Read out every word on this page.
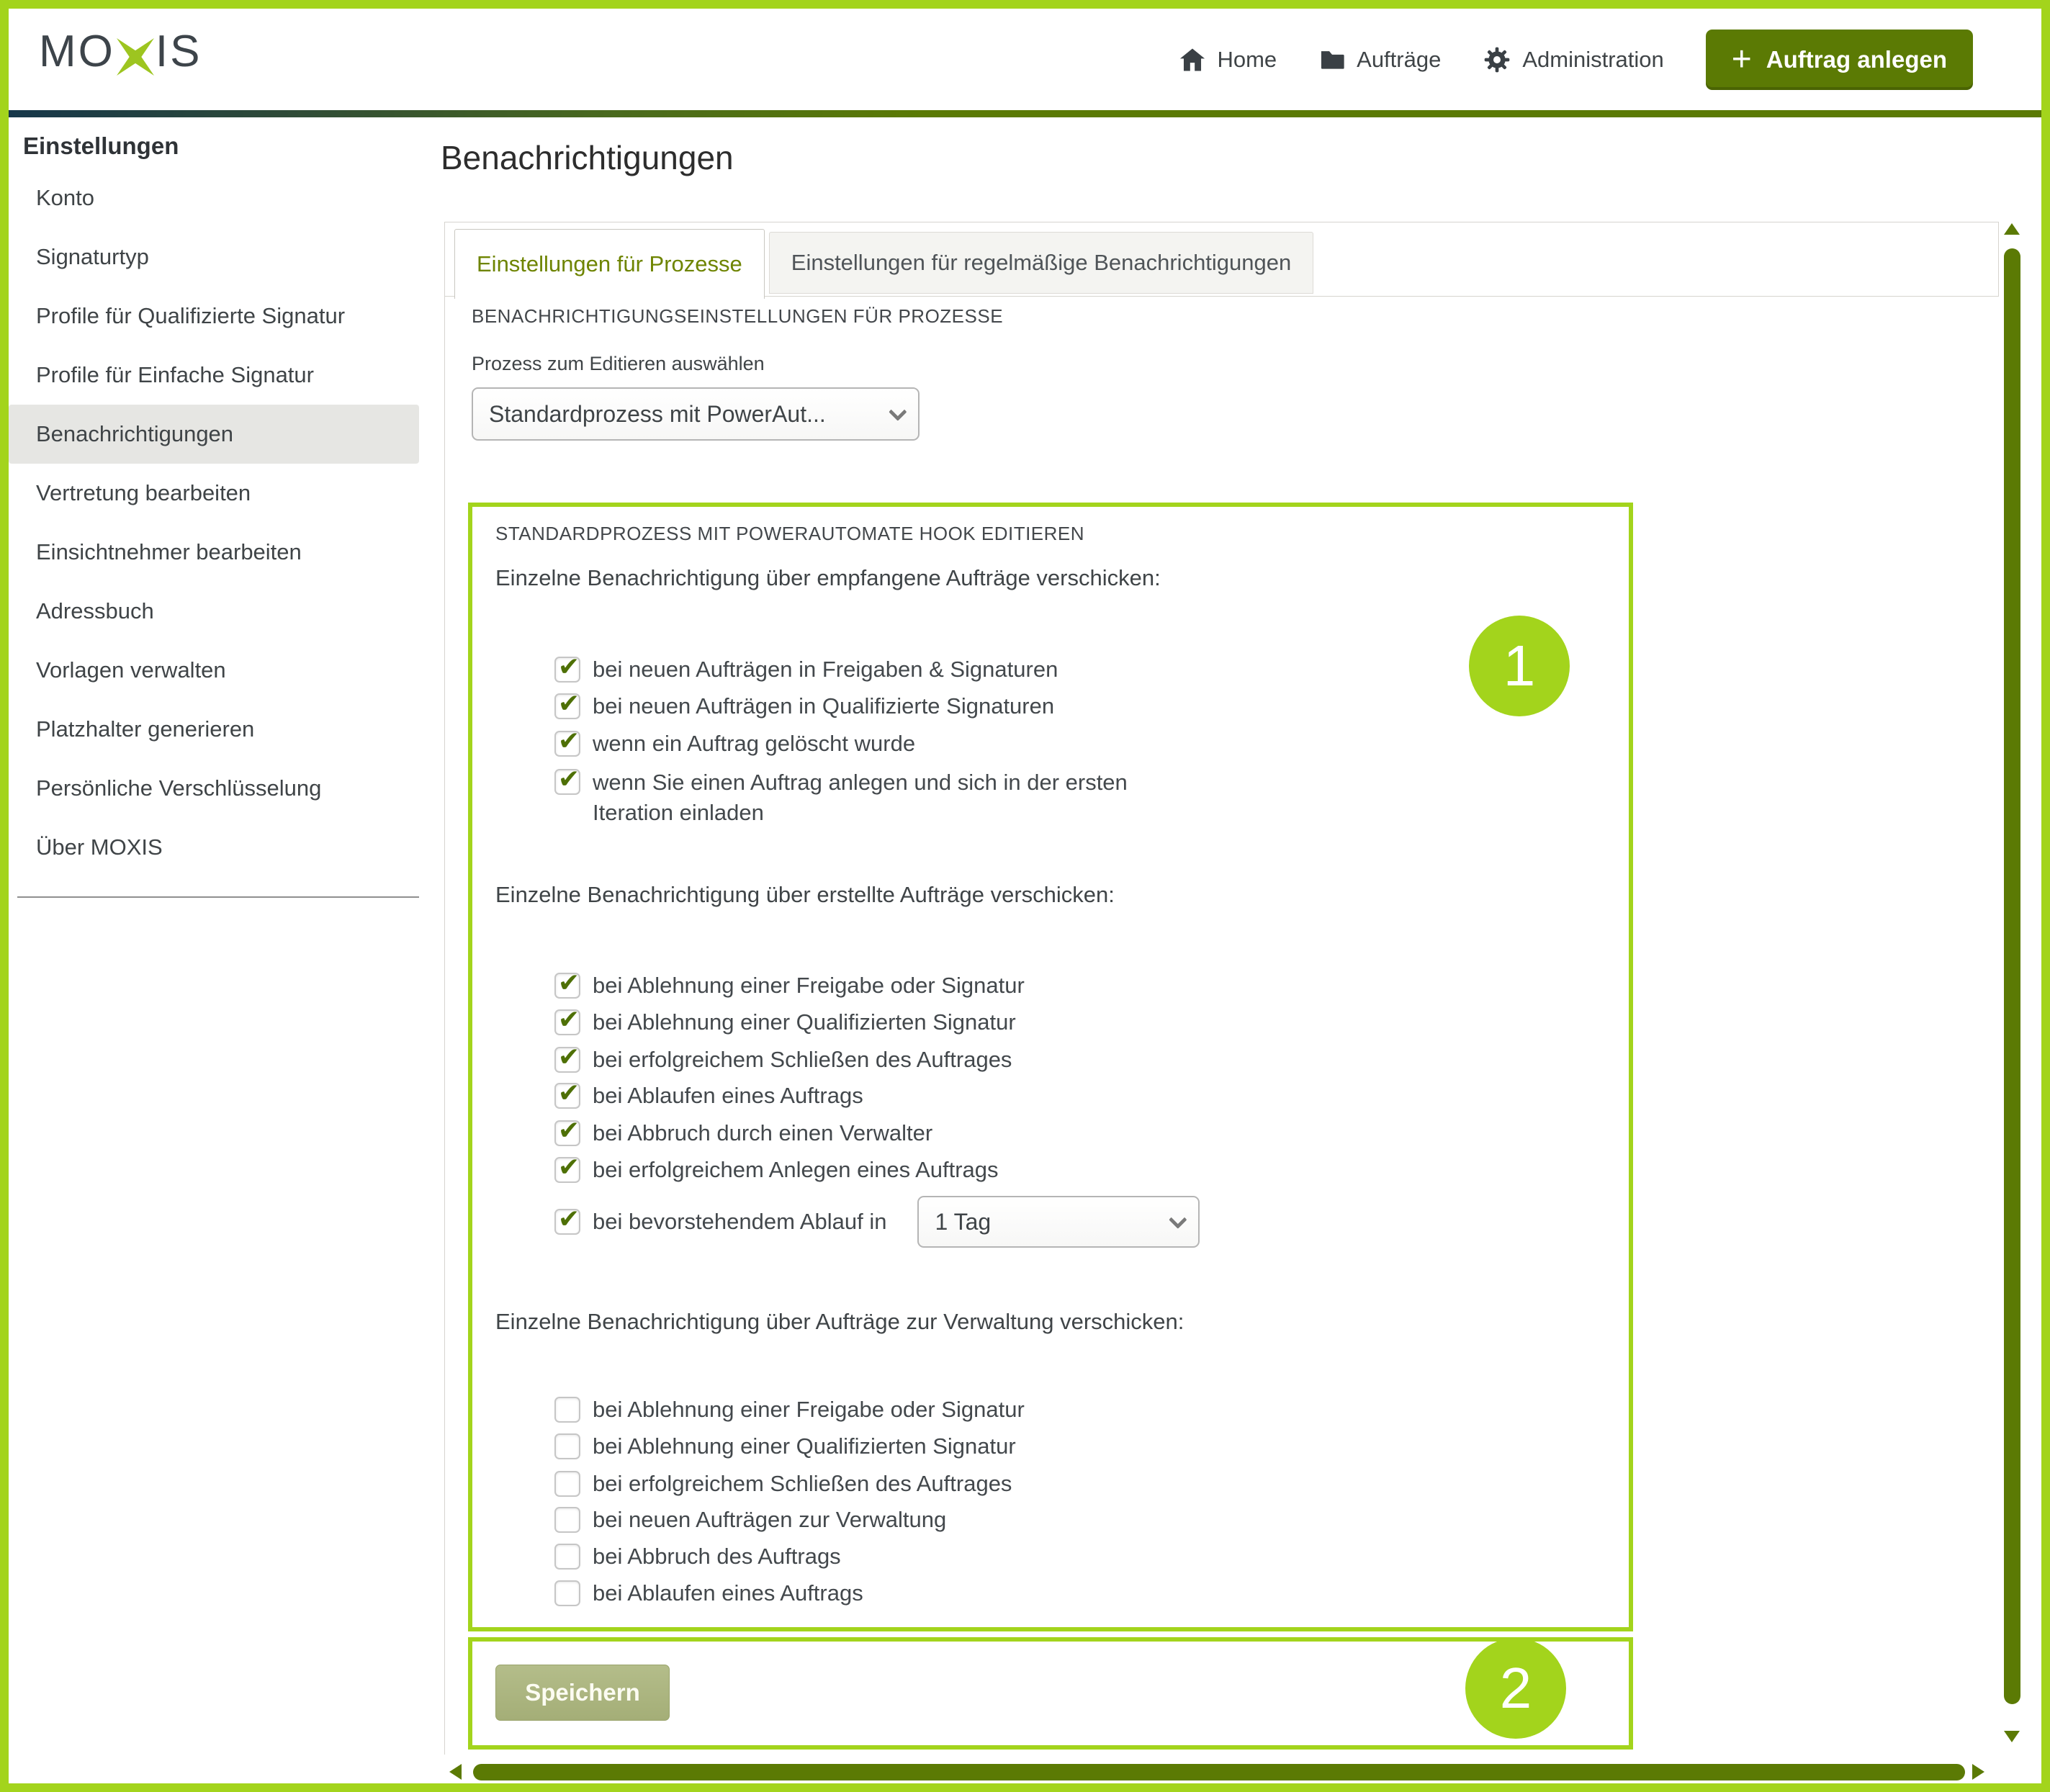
MO IS	Home	Aufträge	Administration + Auftrag anlegen
Einstellungen
Konto
Signaturtyp
Profile für Qualifizierte Signatur
Profile für Einfache Signatur
Benachrichtigungen
Vertretung bearbeiten
Einsichtnehmer bearbeiten
Adressbuch
Vorlagen verwalten
Platzhalter generieren
Persönliche Verschlüsselung
Über MOXIS
Benachrichtigungen
Einstellungen für Prozesse	Einstellungen für regelmäßige Benachrichtigungen
BENACHRICHTIGUNGSEINSTELLUNGEN FÜR PROZESSE
Prozess zum Editieren auswählen
Standardprozess mit PowerAut...
STANDARDPROZESS MIT POWERAUTOMATE HOOK EDITIEREN
Einzelne Benachrichtigung über empfangene Aufträge verschicken:
✔ bei neuen Aufträgen in Freigaben & Signaturen
✔ bei neuen Aufträgen in Qualifizierte Signaturen
✔ wenn ein Auftrag gelöscht wurde
✔ wenn Sie einen Auftrag anlegen und sich in der ersten Iteration einladen
Einzelne Benachrichtigung über erstellte Aufträge verschicken:
✔ bei Ablehnung einer Freigabe oder Signatur
✔ bei Ablehnung einer Qualifizierten Signatur
✔ bei erfolgreichem Schließen des Auftrages
✔ bei Ablaufen eines Auftrags
✔ bei Abbruch durch einen Verwalter
✔ bei erfolgreichem Anlegen eines Auftrags
✔ bei bevorstehendem Ablauf in 1 Tag
Einzelne Benachrichtigung über Aufträge zur Verwaltung verschicken:
bei Ablehnung einer Freigabe oder Signatur
bei Ablehnung einer Qualifizierten Signatur
bei erfolgreichem Schließen des Auftrages
bei neuen Aufträgen zur Verwaltung
bei Abbruch des Auftrags
bei Ablaufen eines Auftrags
1
Speichern	2
